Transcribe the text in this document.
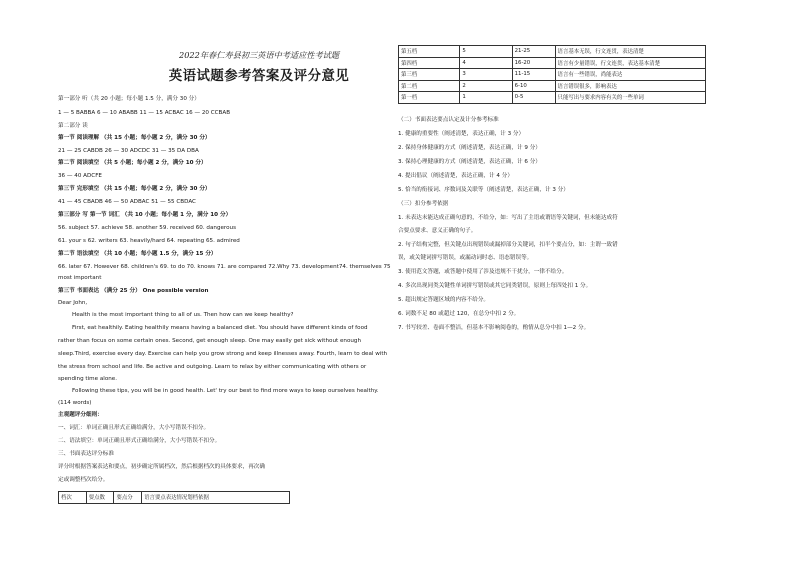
2022年春仁寿县初三英语中考适应性考试题
英语试题参考答案及评分意见
第一部分 听（共 20 小题；每小题 1.5 分，满分 30 分）
1 — 5 BABBA 6 — 10 ABABB 11 — 15 ACBAC 16 — 20 CCBAB
第二部分 读
第一节 阅读理解 （共 15 小题；每小题 2 分，满分 30 分）
21 — 25 CABDB 26 — 30 ADCDC 31 — 35 DA DBA
第二节 阅读填空 （共 5 小题；每小题 2 分，满分 10 分）
36 — 40 ADCFE
第三节 完形填空 （共 15 小题；每小题 2 分，满分 30 分）
41 — 45 CBADB 46 — 50 ADBAC 51 — 55 CBDAC
第三部分 写 第一节 词汇 （共 10 小题；每小题 1 分，满分 10 分）
56. subject 57. achieve 58. another 59. received 60. dangerous
61. your s 62. writers 63. heavily/hard 64. repeating 65. admired
第二节 语法填空 （共 10 小题；每小题 1.5 分，满分 15 分）
66. later 67. However 68. children's 69. to do 70. knows 71. are compared 72.Why 73. development74. themselves 75
most important
第三节 书面表达 （满分 25 分） One possible version
Dear John,
Health is the most important thing to all of us. Then how can we keep healthy?
First, eat healthily. Eating healthily means having a balanced diet. You should have different kinds of food
rather than focus on some certain ones. Second, get enough sleep. One may easily get sick without enough
sleep.Third, exercise every day. Exercise can help you grow strong and keep illnesses away. Fourth, learn to deal with
the stress from school and life. Be active and outgoing. Learn to relax by either communicating with others or
spending time alone.
Following these tips, you will be in good health. Let' try our best to find more ways to keep ourselves healthy.
(114 words)
主观题评分细则：
一、词汇：单词正确且形式正确给满分，大小写错误不扣分。
二、语法填空：单词正确且形式正确给满分，大小写错误不扣分。
三、书面表达评分标准
评分时根据答案表达和要点，初步确定所属档次，然后根据档次的具体要求，再次确
定或调整档次给分。
档次	要点数	要点分	语言要点表达情况划档依据
第五档	5	21-25	语言基本无误，行文连贯，表达清楚
第四档	4	16-20	语言有少量错误，行文连贯，表达基本清楚
第三档	3	11-15	语言有一些错误，尚能表达
第二档	2	6-10	语言错误很多，影响表达
第一档	1	0-5	只能写出与要求内容有关的一些单词
（二）书面表达要点认定及计分参考标准
1. 健康的重要性（阐述清楚，表达正确，计 3 分）
2. 保持身体健康的方式（阐述清楚，表达正确，计 9 分）
3. 保持心理健康的方式（阐述清楚，表达正确，计 6 分）
4. 提出倡议（阐述清楚，表达正确，计 4 分）
5. 恰当的衔接词、序数词及关联等（阐述清楚，表达正确，计 3 分）
（三）扣分参考依据
1. 未表达未能达成正确句意的，不给分，如：写出了主语或谓语等关键词，但未能达成符
合要点要求、意义正确的句子。
2. 句子结构完整，但关键点出现错误或漏掉部分关键词，扣半个要点分，如：主谓一致错
误，或关键词拼写错误，或漏动词时态、语态错误等。
3. 使用范文答题，或答题中使用了涉及违规不干扰分，一律不给分。
4. 多次出现同类关键性单词拼写错误或其它同类错误，原则上每四处扣 1 分。
5. 超出规定答题区域的内容不给分。
6. 词数不足 80 或超过 120，在总分中扣 2 分。
7. 书写较差、卷面不整洁，但基本不影响阅卷的，酌情从总分中扣 1—2 分。
